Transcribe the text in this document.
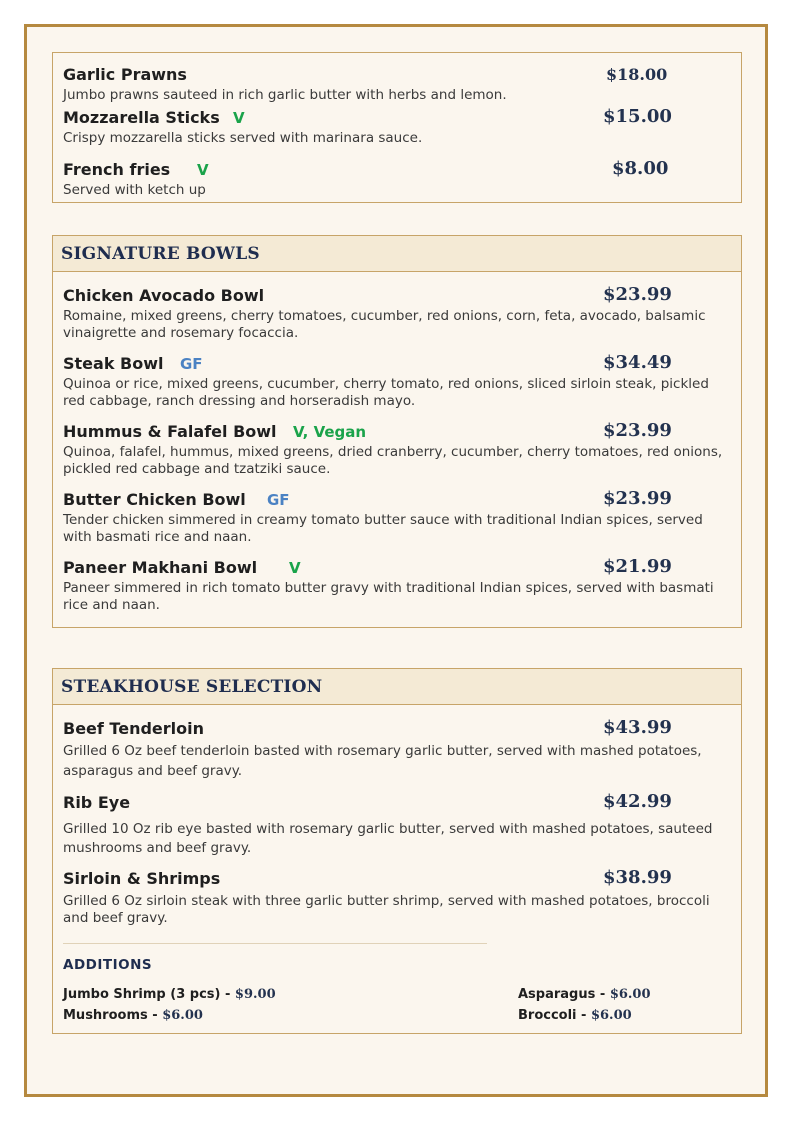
Garlic Prawns	$18.00
Jumbo prawns sauteed in rich garlic butter with herbs and lemon.
Mozzarella Sticks V	$15.00
Crispy mozzarella sticks served with marinara sauce.
French fries V	$8.00
Served with ketch up
SIGNATURE BOWLS
Chicken Avocado Bowl	$23.99
Romaine, mixed greens, cherry tomatoes, cucumber, red onions, corn, feta, avocado, balsamic vinaigrette and rosemary focaccia.
Steak Bowl GF	$34.49
Quinoa or rice, mixed greens, cucumber, cherry tomato, red onions, sliced sirloin steak, pickled red cabbage, ranch dressing and horseradish mayo.
Hummus & Falafel Bowl V, Vegan	$23.99
Quinoa, falafel, hummus, mixed greens, dried cranberry, cucumber, cherry tomatoes, red onions, pickled red cabbage and tzatziki sauce.
Butter Chicken Bowl GF	$23.99
Tender chicken simmered in creamy tomato butter sauce with traditional Indian spices, served with basmati rice and naan.
Paneer Makhani Bowl V	$21.99
Paneer simmered in rich tomato butter gravy with traditional Indian spices, served with basmati rice and naan.
STEAKHOUSE SELECTION
Beef Tenderloin	$43.99
Grilled 6 Oz beef tenderloin basted with rosemary garlic butter, served with mashed potatoes, asparagus and beef gravy.
Rib Eye	$42.99
Grilled 10 Oz rib eye basted with rosemary garlic butter, served with mashed potatoes, sauteed mushrooms and beef gravy.
Sirloin & Shrimps	$38.99
Grilled 6 Oz sirloin steak with three garlic butter shrimp, served with mashed potatoes, broccoli and beef gravy.
ADDITIONS
Jumbo Shrimp (3 pcs) - $9.00
Mushrooms - $6.00
Asparagus - $6.00
Broccoli - $6.00
